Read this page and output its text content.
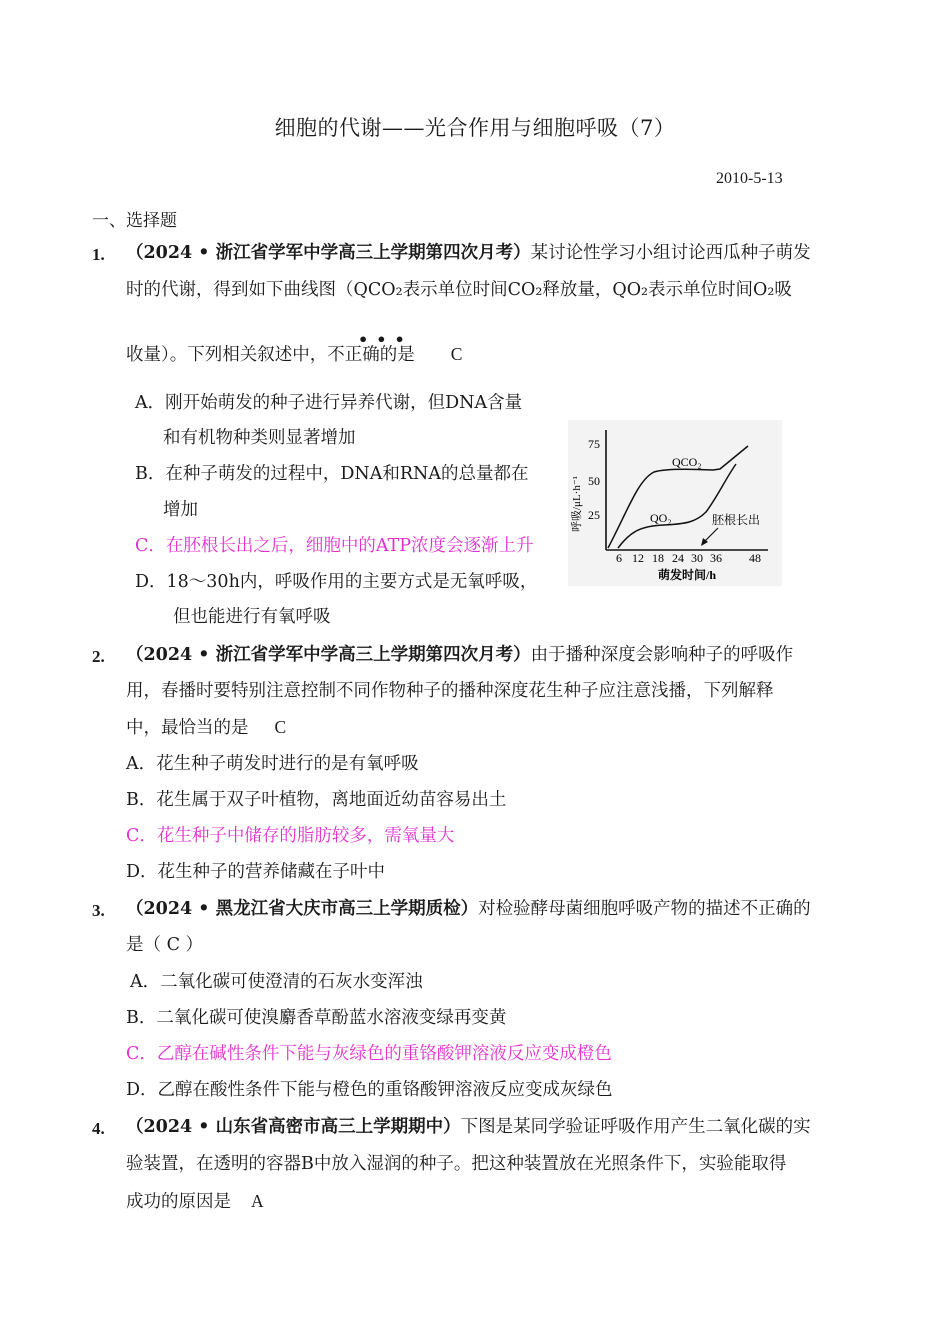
细胞的代谢——光合作用与细胞呼吸（7）
2010-5-13
一、选择题
1. （2024 • 浙江省学军中学高三上学期第四次月考）某讨论性学习小组讨论西瓜种子萌发
时的代谢，得到如下曲线图（QCO₂表示单位时间CO₂释放量，QO₂表示单位时间O₂吸
•••
收量）。下列相关叙述中，不正确的是 C
A．刚开始萌发的种子进行异养代谢，但DNA含量
和有机物种类则显著增加
B．在种子萌发的过程中，DNA和RNA的总量都在
增加
C．在胚根长出之后，细胞中的ATP浓度会逐渐上升
D．18～30h内，呼吸作用的主要方式是无氧呼吸，
但也能进行有氧呼吸
25
50
75
呼吸/μL·h⁻¹
6 12 18 24 30 36 48
萌发时间/h
QCO₂
QO₂	胚根长出
2. （2024 • 浙江省学军中学高三上学期第四次月考）由于播种深度会影响种子的呼吸作
用，春播时要特别注意控制不同作物种子的播种深度花生种子应注意浅播，下列解释
中，最恰当的是 C
A．花生种子萌发时进行的是有氧呼吸
B．花生属于双子叶植物，离地面近幼苗容易出土
C．花生种子中储存的脂肪较多，需氧量大
D．花生种子的营养储藏在子叶中
3. （2024 • 黑龙江省大庆市高三上学期质检）对检验酵母菌细胞呼吸产物的描述不正确的
是（ C ）
A．二氧化碳可使澄清的石灰水变浑浊
B．二氧化碳可使溴麝香草酚蓝水溶液变绿再变黄
C．乙醇在碱性条件下能与灰绿色的重铬酸钾溶液反应变成橙色
D．乙醇在酸性条件下能与橙色的重铬酸钾溶液反应变成灰绿色
4. （2024 • 山东省高密市高三上学期期中）下图是某同学验证呼吸作用产生二氧化碳的实
验装置，在透明的容器B中放入湿润的种子。把这种装置放在光照条件下，实验能取得
成功的原因是 A
